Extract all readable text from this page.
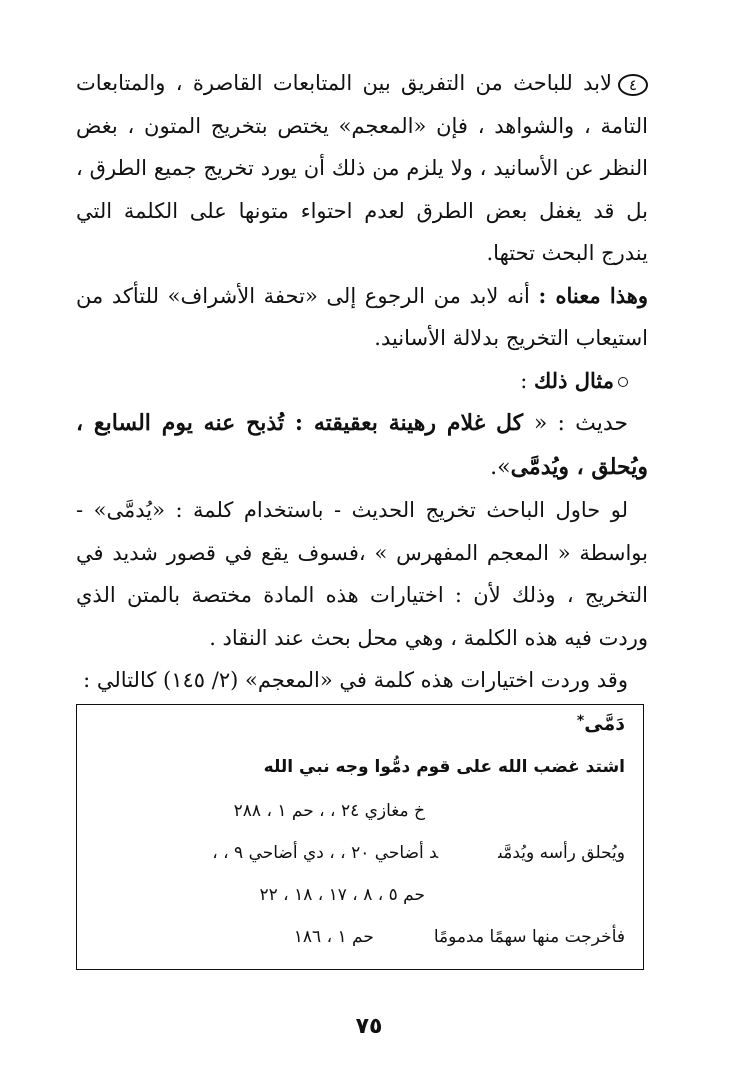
٤لابد للباحث من التفريق بين المتابعات القاصرة ، والمتابعات التامة ، والشواهد ، فإن «المعجم» يختص بتخريج المتون ، بغض النظر عن الأسانيد ، ولا يلزم من ذلك أن يورد تخريج جميع الطرق ، بل قد يغفل بعض الطرق لعدم احتواء متونها على الكلمة التي يندرج البحث تحتها.

وهذا معناه : أنه لابد من الرجوع إلى «تحفة الأشراف» للتأكد من استيعاب التخريج بدلالة الأسانيد.

مثال ذلك :

حديث : « كل غلام رهينة بعقيقته : تُذبح عنه يوم السابع ، ويُحلق ، ويُدمَّى».

لو حاول الباحث تخريج الحديث - باستخدام كلمة : «يُدمَّى» - بواسطة « المعجم المفهرس » ،فسوف يقع في قصور شديد في التخريج ، وذلك لأن : اختيارات هذه المادة مختصة بالمتن الذي وردت فيه هذه الكلمة ، وهي محل بحث عند النقاد .

وقد وردت اختيارات هذه كلمة في «المعجم» (٢/ ١٤٥) كالتالي :

دَمَّى*
اشتد غضب الله على قوم دمُّوا وجه نبي الله
خ مغازي ٢٤ ، ، حم ١ ، ٢٨٨
ويُحلق رأسه ويُدمَّىد أضاحي ٢٠ ، ، دي أضاحي ٩ ، ،
حم ٥ ، ٨ ، ١٧ ، ١٨ ، ٢٢
فأخرجت منها سهمًا مدمومًاحم ١ ، ١٨٦
٧٥
